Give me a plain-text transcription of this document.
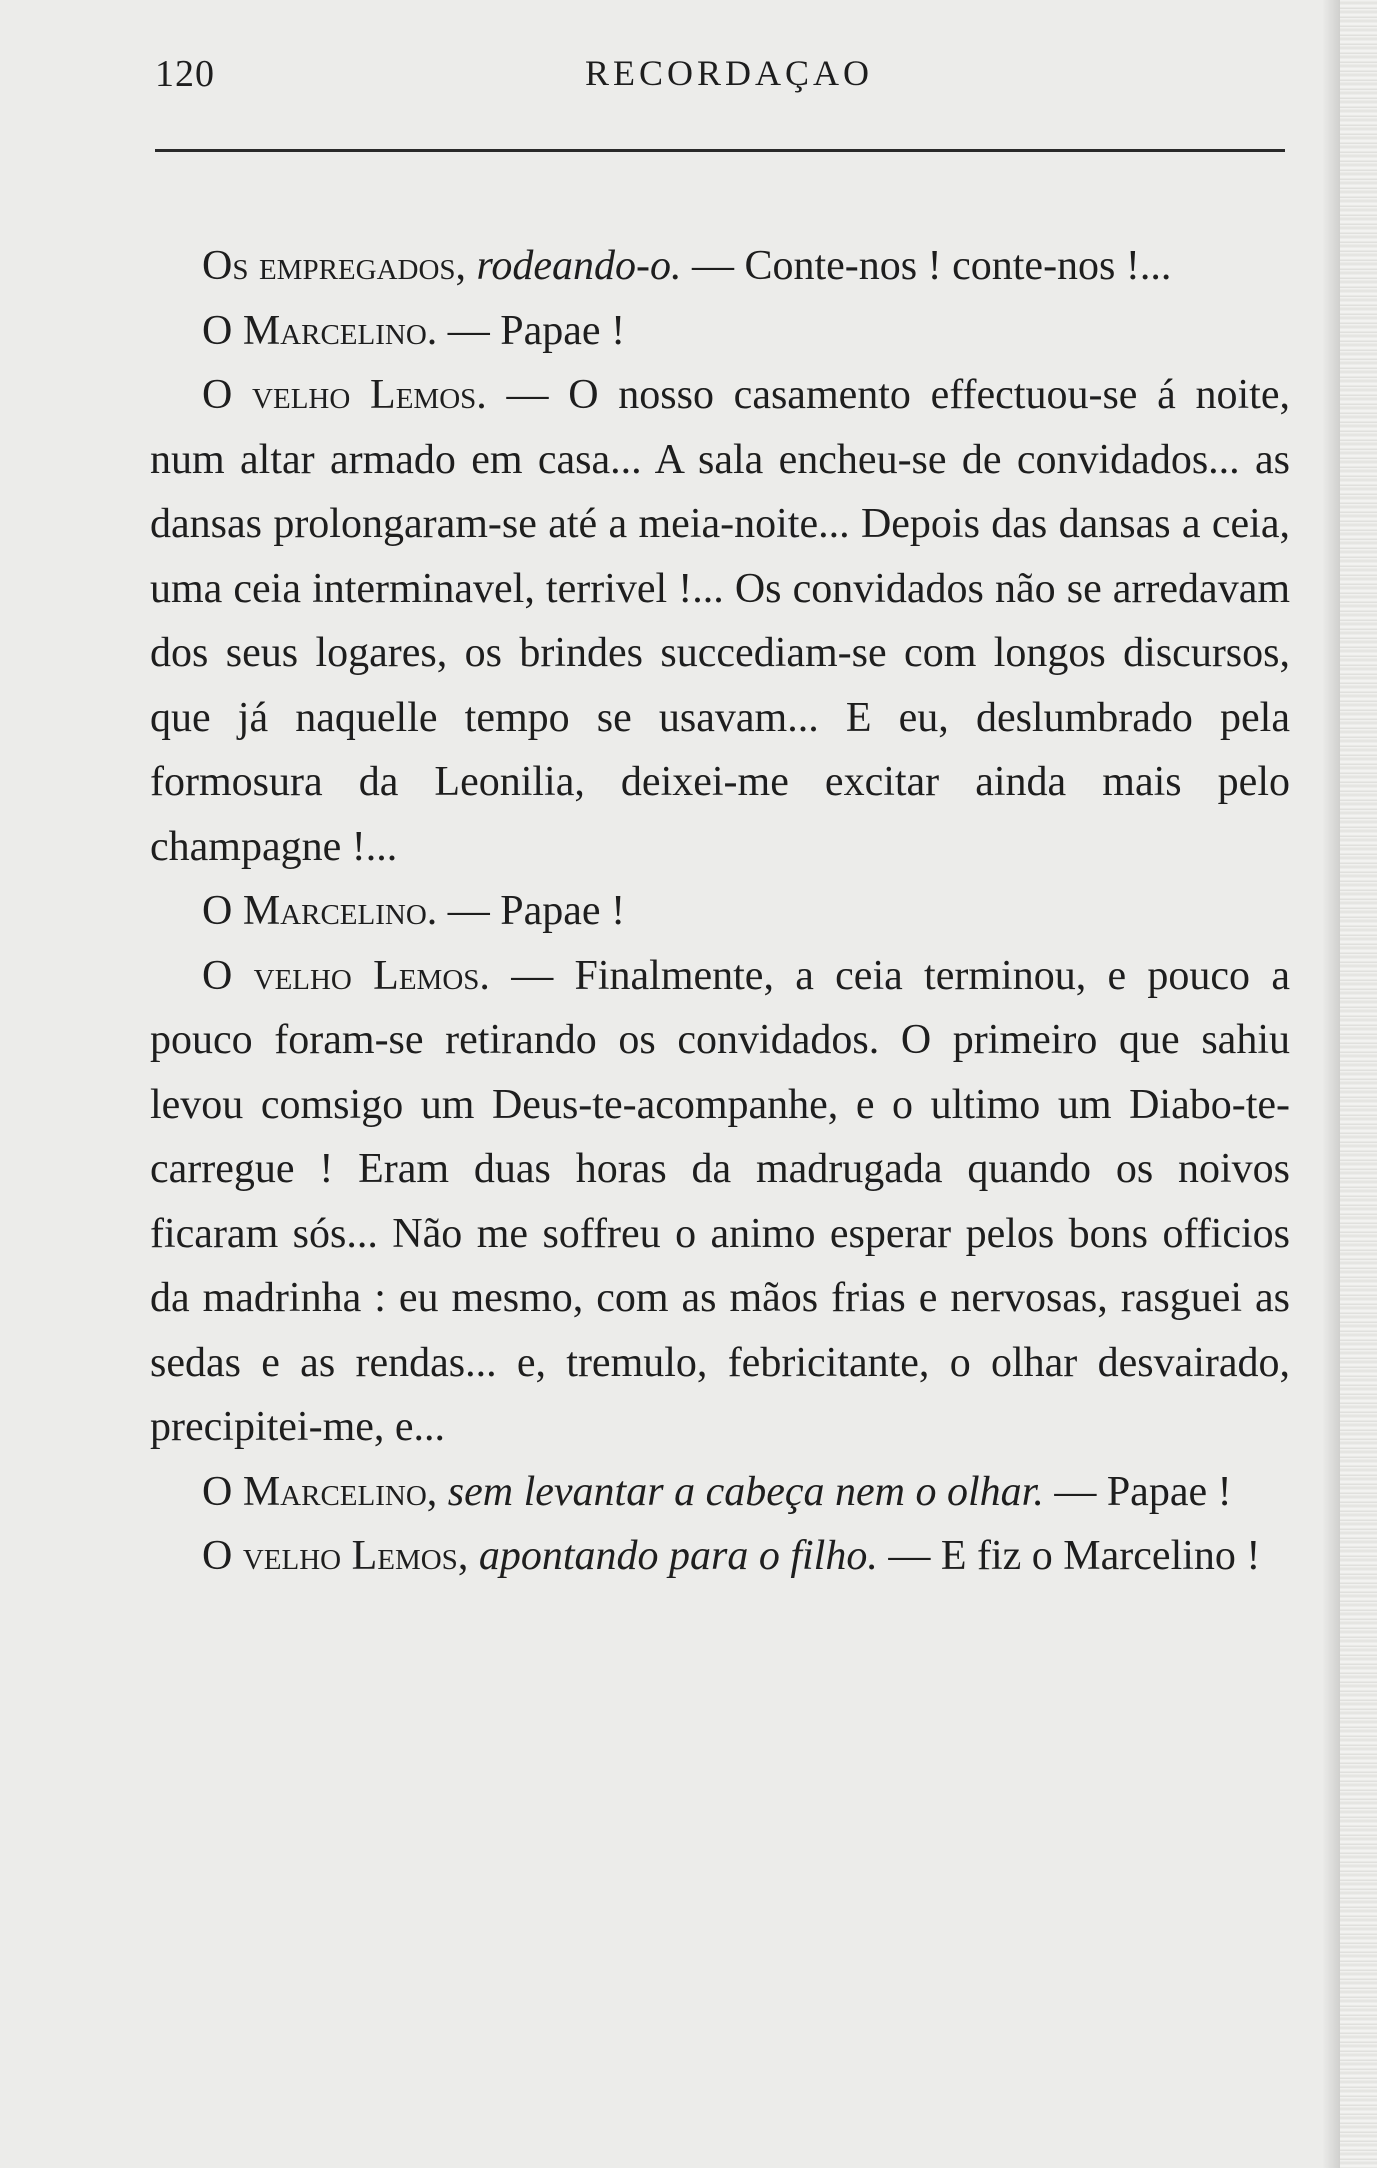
120	RECORDAÇAO

Os empregados, rodeando-o. — Conte-nos ! conte-nos !...

O Marcelino. — Papae !

O velho Lemos. — O nosso casamento effectuou-se á noite, num altar armado em casa... A sala encheu-se de convidados... as dansas prolongaram-se até a meia-noite... Depois das dansas a ceia, uma ceia interminavel, terrivel !... Os convidados não se arredavam dos seus logares, os brindes succediam-se com longos discursos, que já naquelle tempo se usavam... E eu, deslumbrado pela formosura da Leonilia, deixei-me excitar ainda mais pelo champagne !...

O Marcelino. — Papae !

O velho Lemos. — Finalmente, a ceia terminou, e pouco a pouco foram-se retirando os convidados. O primeiro que sahiu levou comsigo um Deus-te-acompanhe, e o ultimo um Diabo-te-carregue ! Eram duas horas da madrugada quando os noivos ficaram sós... Não me soffreu o animo esperar pelos bons officios da madrinha : eu mesmo, com as mãos frias e nervosas, rasguei as sedas e as rendas... e, tremulo, febricitante, o olhar desvairado, precipitei-me, e...

O Marcelino, sem levantar a cabeça nem o olhar. — Papae !

O velho Lemos, apontando para o filho. — E fiz o Marcelino !
